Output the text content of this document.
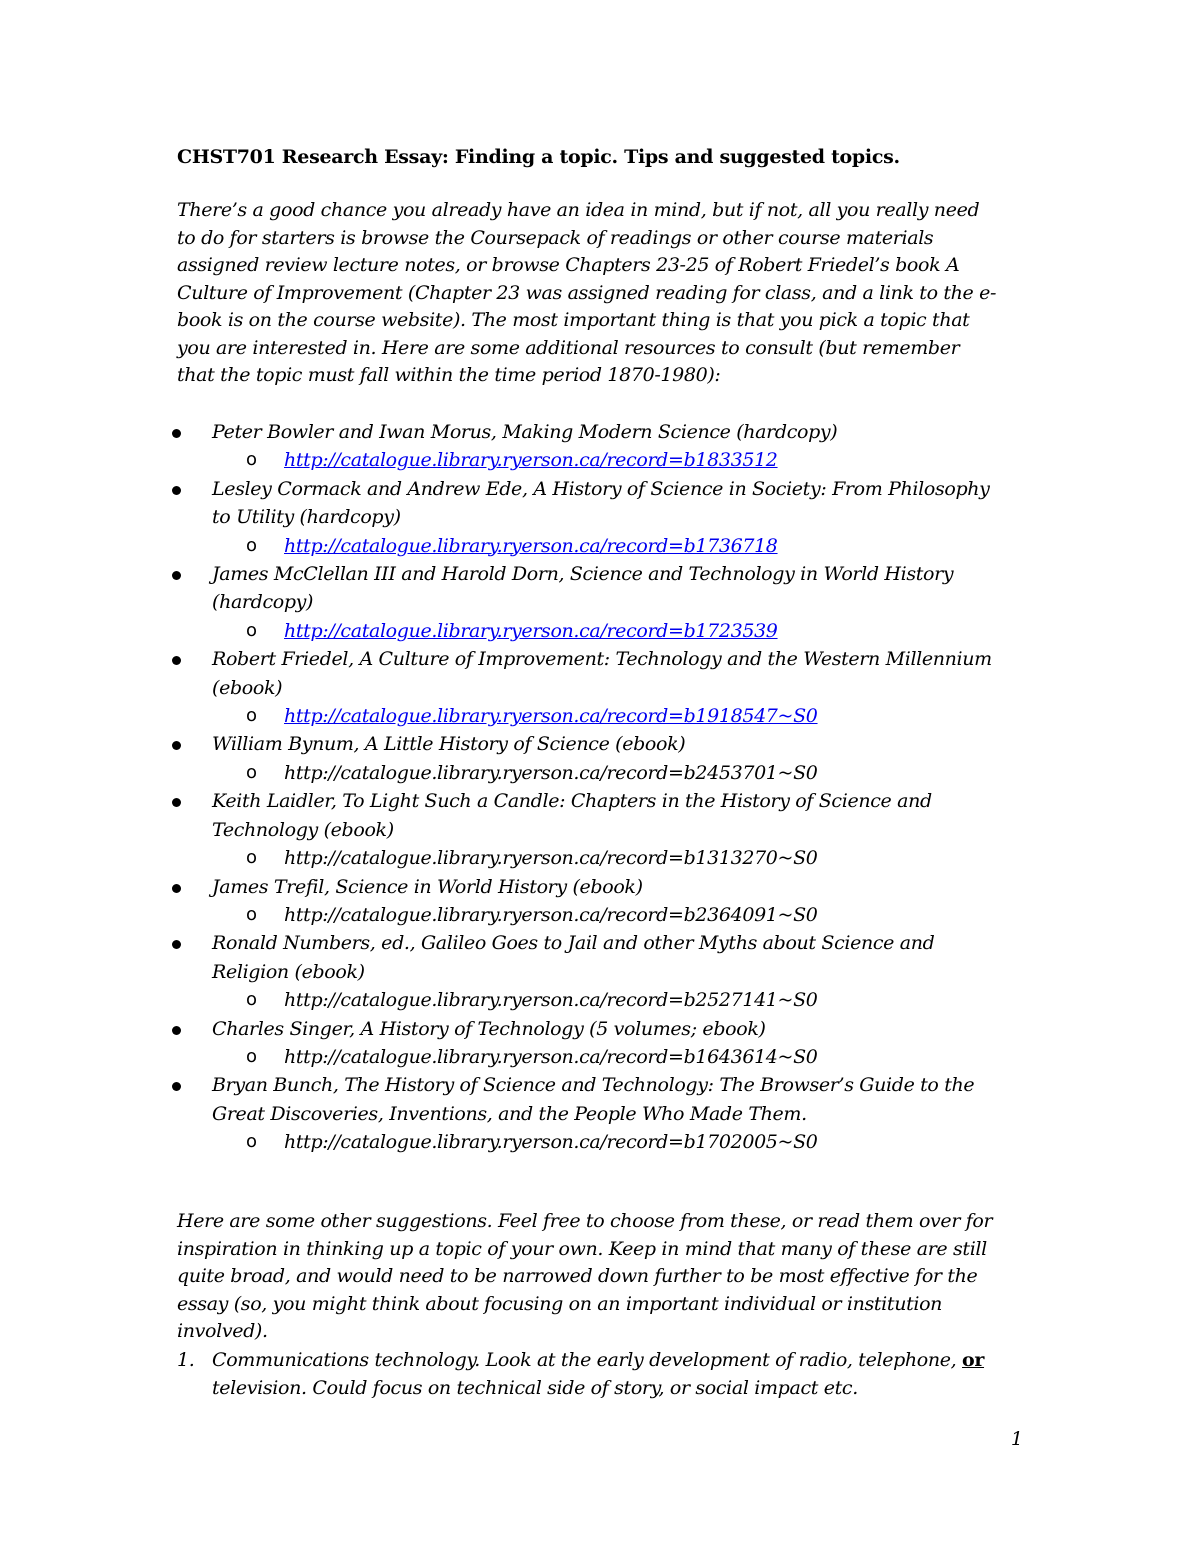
CHST701 Research Essay: Finding a topic. Tips and suggested topics.
There’s a good chance you already have an idea in mind, but if not, all you really need
to do for starters is browse the Coursepack of readings or other course materials
assigned review lecture notes, or browse Chapters 23-25 of Robert Friedel’s book A
Culture of Improvement (Chapter 23 was assigned reading for class, and a link to the e-
book is on the course website). The most important thing is that you pick a topic that
you are interested in. Here are some additional resources to consult (but remember
that the topic must fall within the time period 1870-1980):
Peter Bowler and Iwan Morus, Making Modern Science (hardcopy)
o http://catalogue.library.ryerson.ca/record=b1833512
Lesley Cormack and Andrew Ede, A History of Science in Society: From Philosophy
to Utility (hardcopy)
o http://catalogue.library.ryerson.ca/record=b1736718
James McClellan III and Harold Dorn, Science and Technology in World History
(hardcopy)
o http://catalogue.library.ryerson.ca/record=b1723539
Robert Friedel, A Culture of Improvement: Technology and the Western Millennium
(ebook)
o http://catalogue.library.ryerson.ca/record=b1918547~S0
William Bynum, A Little History of Science (ebook)
o http://catalogue.library.ryerson.ca/record=b2453701~S0
Keith Laidler, To Light Such a Candle: Chapters in the History of Science and
Technology (ebook)
o http://catalogue.library.ryerson.ca/record=b1313270~S0
James Trefil, Science in World History (ebook)
o http://catalogue.library.ryerson.ca/record=b2364091~S0
Ronald Numbers, ed., Galileo Goes to Jail and other Myths about Science and
Religion (ebook)
o http://catalogue.library.ryerson.ca/record=b2527141~S0
Charles Singer, A History of Technology (5 volumes; ebook)
o http://catalogue.library.ryerson.ca/record=b1643614~S0
Bryan Bunch, The History of Science and Technology: The Browser’s Guide to the
Great Discoveries, Inventions, and the People Who Made Them.
o http://catalogue.library.ryerson.ca/record=b1702005~S0
Here are some other suggestions. Feel free to choose from these, or read them over for
inspiration in thinking up a topic of your own. Keep in mind that many of these are still
quite broad, and would need to be narrowed down further to be most effective for the
essay (so, you might think about focusing on an important individual or institution
involved).
1. Communications technology. Look at the early development of radio, telephone, or
television. Could focus on technical side of story, or social impact etc.
1
